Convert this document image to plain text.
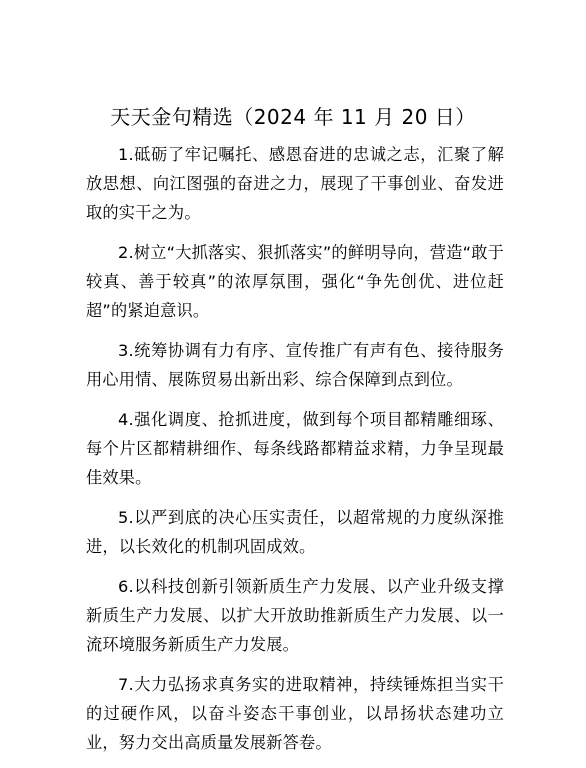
天天金句精选（2024 年 11 月 20 日）

1.砥砺了牢记嘱托、感恩奋进的忠诚之志，汇聚了解放思想、向江图强的奋进之力，展现了干事创业、奋发进取的实干之为。

2.树立“大抓落实、狠抓落实”的鲜明导向，营造“敢于较真、善于较真”的浓厚氛围，强化“争先创优、进位赶超”的紧迫意识。

3.统筹协调有力有序、宣传推广有声有色、接待服务用心用情、展陈贸易出新出彩、综合保障到点到位。

4.强化调度、抢抓进度，做到每个项目都精雕细琢、每个片区都精耕细作、每条线路都精益求精，力争呈现最佳效果。

5.以严到底的决心压实责任，以超常规的力度纵深推进，以长效化的机制巩固成效。

6.以科技创新引领新质生产力发展、以产业升级支撑新质生产力发展、以扩大开放助推新质生产力发展、以一流环境服务新质生产力发展。

7.大力弘扬求真务实的进取精神，持续锤炼担当实干的过硬作风，以奋斗姿态干事创业，以昂扬状态建功立业，努力交出高质量发展新答卷。
